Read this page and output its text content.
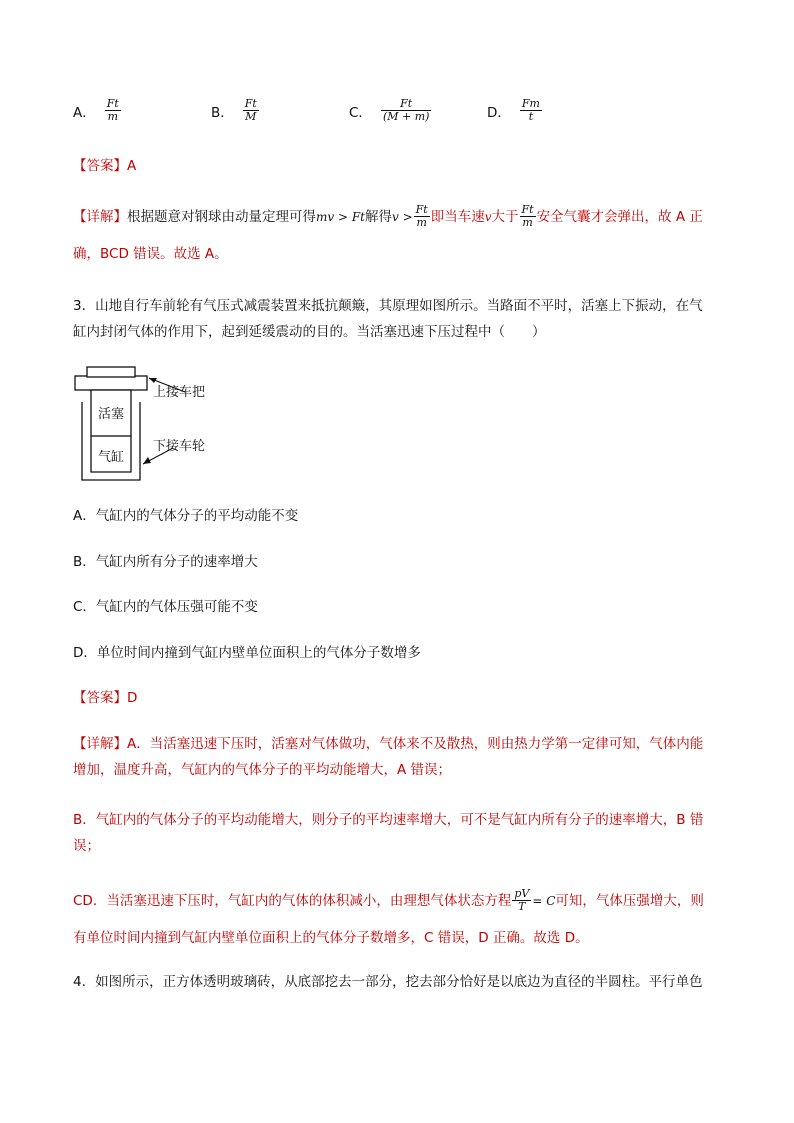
A． $\frac{Ft}{m}$	B． $\frac{Ft}{M}$	C． $\frac{Ft}{(M + m)}$	D． $\frac{Fm}{t}$
【答案】A
【详解】 根据题意对钢球由动量定理可得 mv > Ft 解得 $v > \frac{Ft}{m}$ 即当车速 v 大于 $\frac{Ft}{m}$ 安全气囊才会弹出，故 A 正
确，BCD 错误。故选 A。
3．山地自行车前轮有气压式减震装置来抵抗颠簸，其原理如图所示。当路面不平时，活塞上下振动，在气
缸内封闭气体的作用下，起到延缓震动的目的。当活塞迅速下压过程中（　　）
活塞
气缸
上接车把
下接车轮
A．气缸内的气体分子的平均动能不变
B．气缸内所有分子的速率增大
C．气缸内的气体压强可能不变
D．单位时间内撞到气缸内壁单位面积上的气体分子数增多
【答案】D
【详解】A．当活塞迅速下压时，活塞对气体做功，气体来不及散热，则由热力学第一定律可知，气体内能
增加，温度升高，气缸内的气体分子的平均动能增大，A 错误；
B．气缸内的气体分子的平均动能增大，则分子的平均速率增大，可不是气缸内所有分子的速率增大，B 错
误；
CD．当活塞迅速下压时，气缸内的气体的体积减小，由理想气体状态方程 $\frac{pV}{T} = C$ 可知，气体压强增大，则
有单位时间内撞到气缸内壁单位面积上的气体分子数增多，C 错误，D 正确。故选 D。
4．如图所示，正方体透明玻璃砖，从底部挖去一部分，挖去部分恰好是以底边为直径的半圆柱。平行单色
